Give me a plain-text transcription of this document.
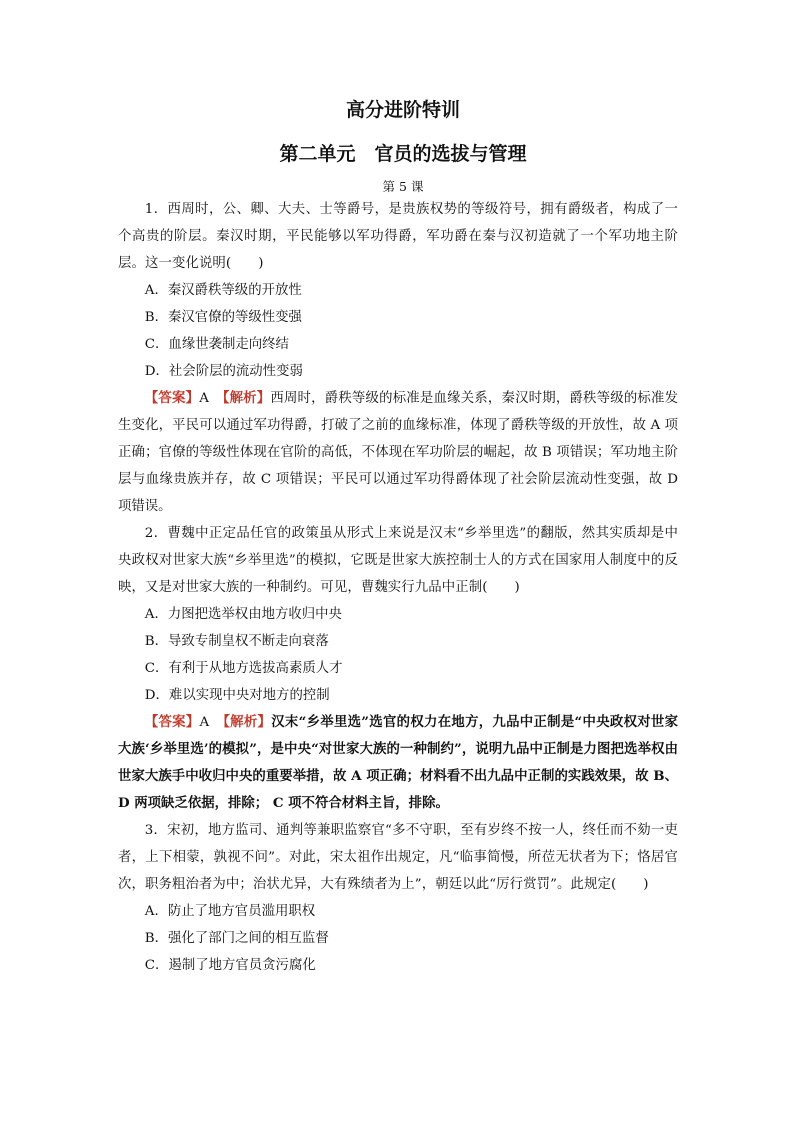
高分进阶特训
第二单元　官员的选拔与管理
第 5 课

1．西周时，公、卿、大夫、士等爵号，是贵族权势的等级符号，拥有爵级者，构成了一个高贵的阶层。秦汉时期，平民能够以军功得爵，军功爵在秦与汉初造就了一个军功地主阶层。这一变化说明(　　)

A．秦汉爵秩等级的开放性

B．秦汉官僚的等级性变强

C．血缘世袭制走向终结

D．社会阶层的流动性变弱

【答案】A　 【解析】西周时，爵秩等级的标准是血缘关系，秦汉时期，爵秩等级的标准发生变化，平民可以通过军功得爵，打破了之前的血缘标准，体现了爵秩等级的开放性，故 A 项正确；官僚的等级性体现在官阶的高低，不体现在军功阶层的崛起，故 B 项错误；军功地主阶层与血缘贵族并存，故 C 项错误；平民可以通过军功得爵体现了社会阶层流动性变强，故 D 项错误。

2．曹魏中正定品任官的政策虽从形式上来说是汉末“乡举里选”的翻版，然其实质却是中央政权对世家大族“乡举里选”的模拟，它既是世家大族控制士人的方式在国家用人制度中的反映，又是对世家大族的一种制约。可见，曹魏实行九品中正制(　　)

A．力图把选举权由地方收归中央

B．导致专制皇权不断走向衰落

C．有利于从地方选拔高素质人才

D．难以实现中央对地方的控制

【答案】A　 【解析】汉末“乡举里选”选官的权力在地方，九品中正制是“中央政权对世家大族‘乡举里选’的模拟”，是中央“对世家大族的一种制约”，说明九品中正制是力图把选举权由世家大族手中收归中央的重要举措，故 A 项正确；材料看不出九品中正制的实践效果，故 B、D 两项缺乏依据，排除； C 项不符合材料主旨，排除。

3．宋初，地方监司、通判等兼职监察官“多不守职，至有岁终不按一人，终任而不劾一吏者，上下相蒙，孰视不问”。对此，宋太祖作出规定，凡“临事简慢，所莅无状者为下；恪居官次，职务粗治者为中；治状尤异，大有殊绩者为上”，朝廷以此“厉行赏罚”。此规定(　　)

A．防止了地方官员滥用职权

B．强化了部门之间的相互监督

C．遏制了地方官员贪污腐化
